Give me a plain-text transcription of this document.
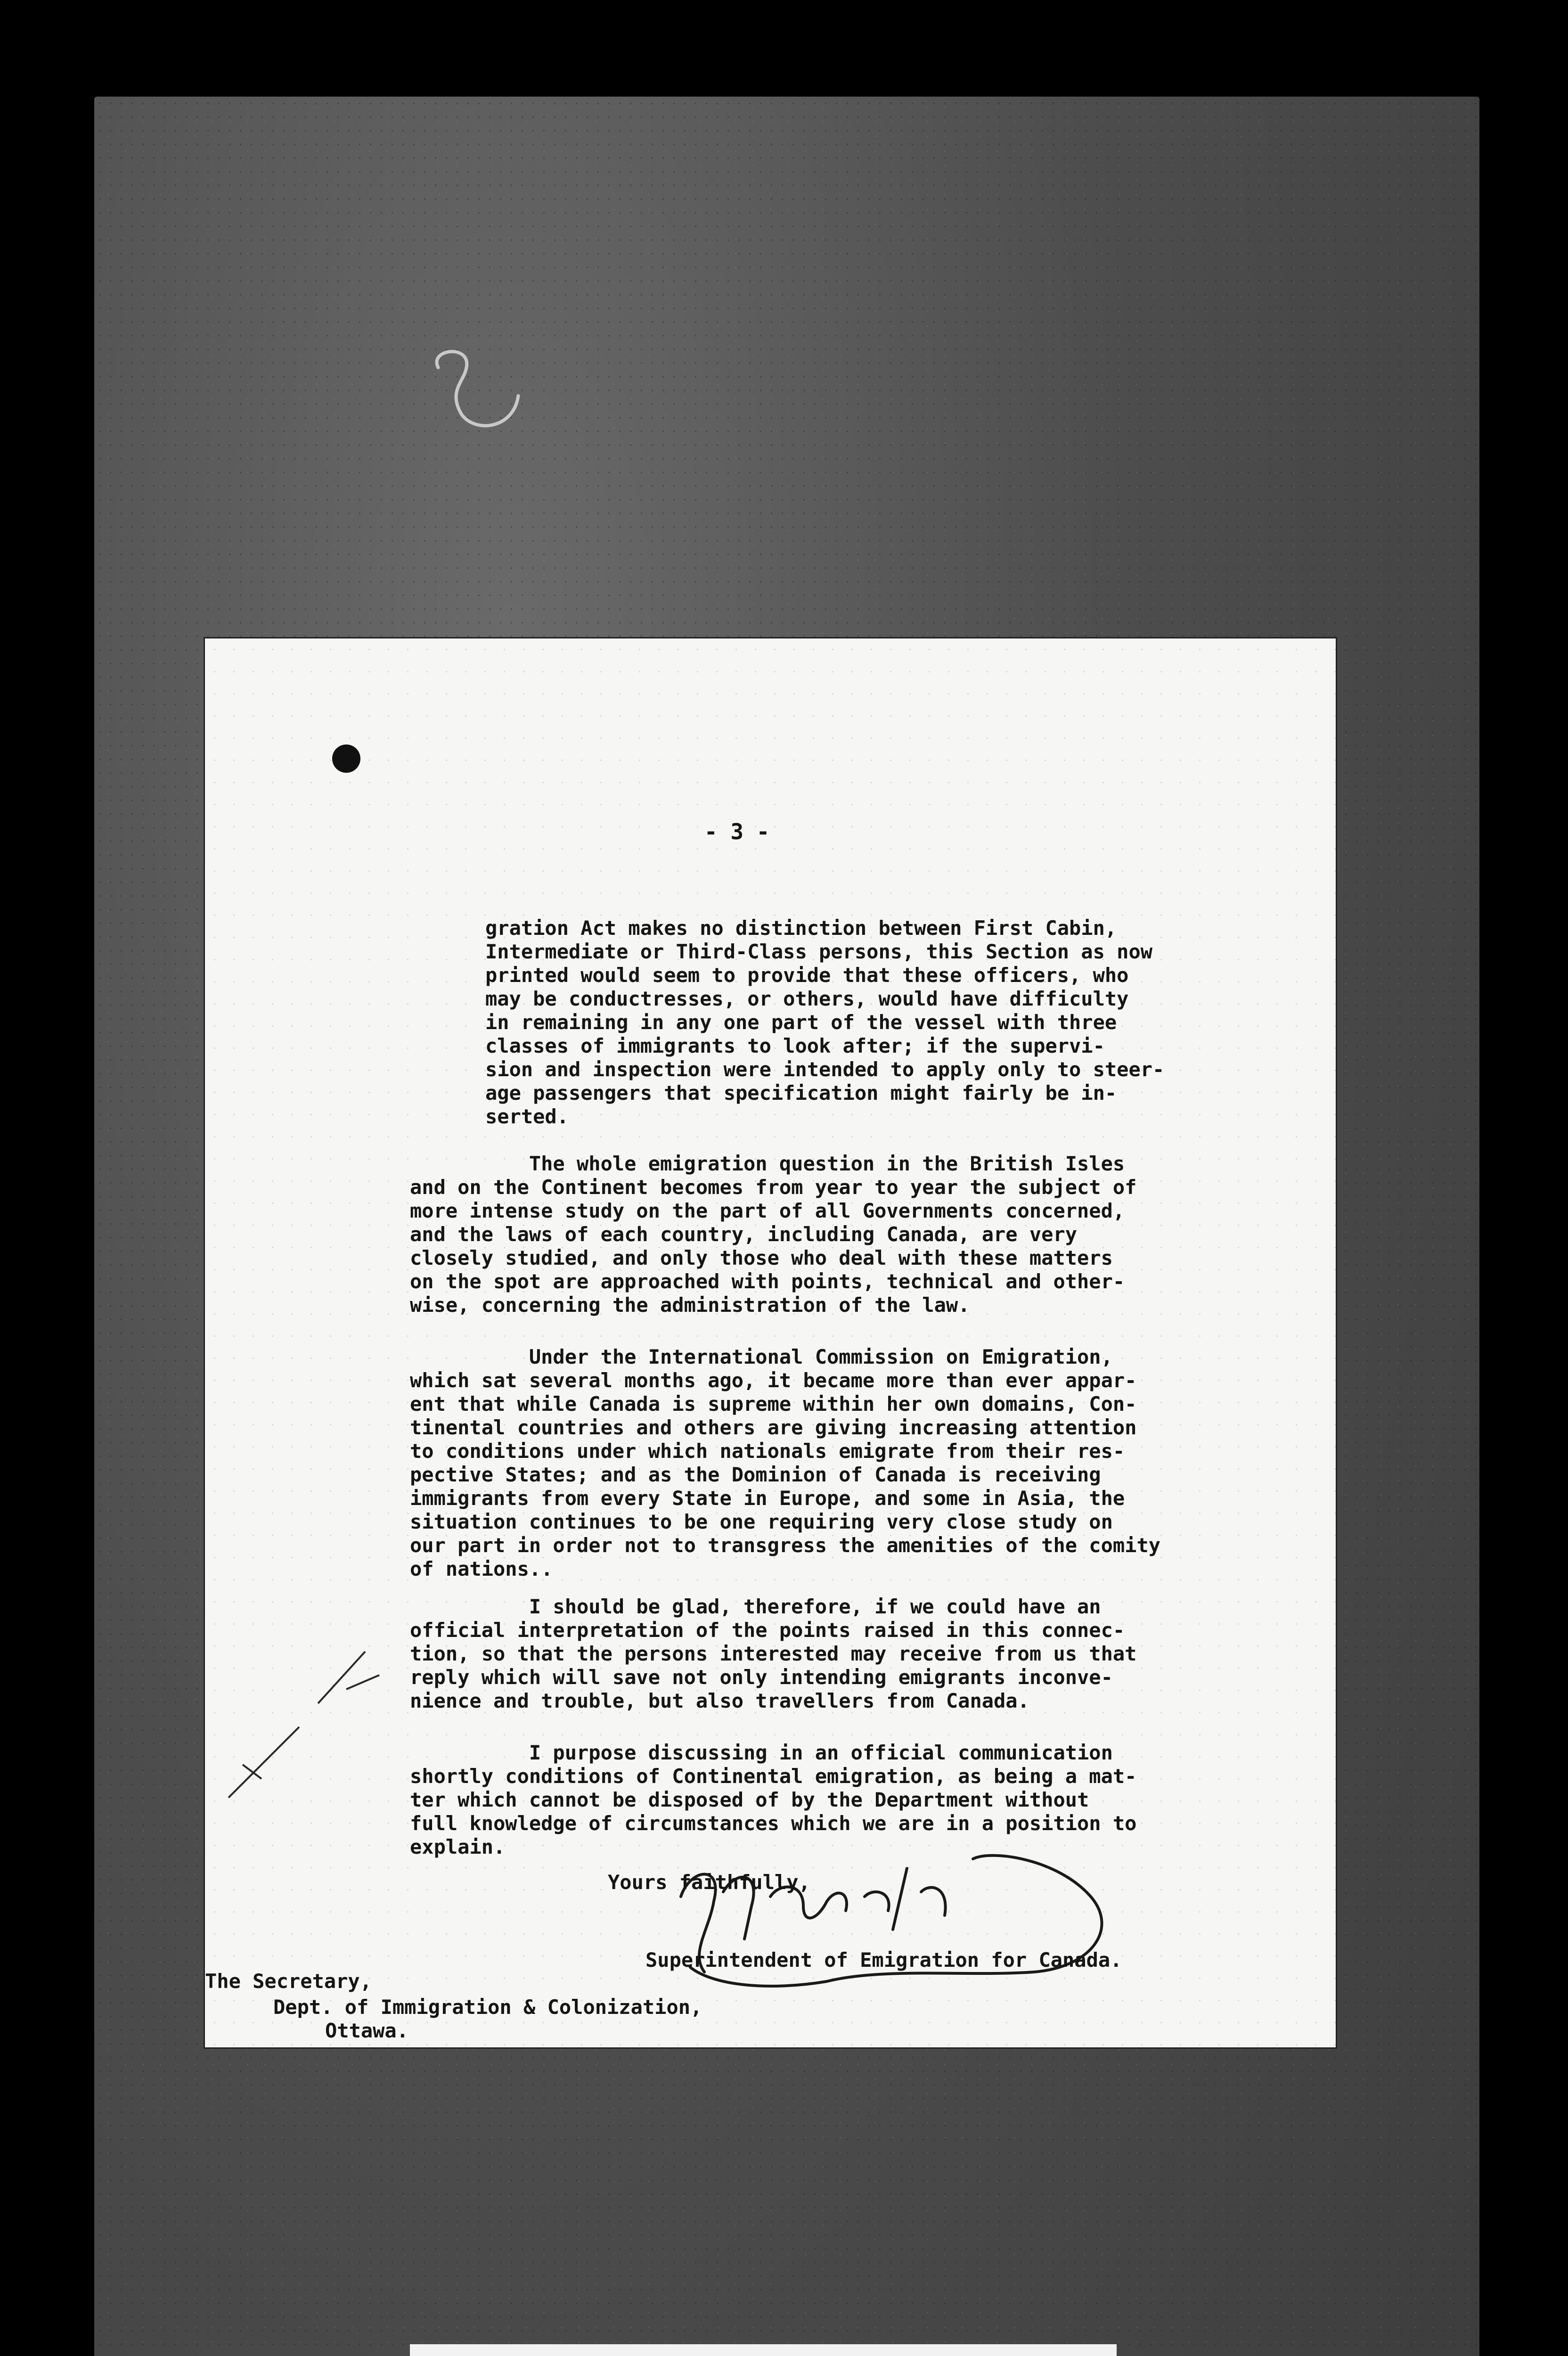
- 3 -
gration Act makes no distinction between First Cabin,
Intermediate or Third-Class persons, this Section as now
printed would seem to provide that these officers, who
may be conductresses, or others, would have difficulty
in remaining in any one part of the vessel with three
classes of immigrants to look after; if the supervi-
sion and inspection were intended to apply only to steer-
age passengers that specification might fairly be in-
serted.
The whole emigration question in the British Isles
and on the Continent becomes from year to year the subject of
more intense study on the part of all Governments concerned,
and the laws of each country, including Canada, are very
closely studied, and only those who deal with these matters
on the spot are approached with points, technical and other-
wise, concerning the administration of the law.
Under the International Commission on Emigration,
which sat several months ago, it became more than ever appar-
ent that while Canada is supreme within her own domains, Con-
tinental countries and others are giving increasing attention
to conditions under which nationals emigrate from their res-
pective States; and as the Dominion of Canada is receiving
immigrants from every State in Europe, and some in Asia, the
situation continues to be one requiring very close study on
our part in order not to transgress the amenities of the comity
of nations..
I should be glad, therefore, if we could have an
official interpretation of the points raised in this connec-
tion, so that the persons interested may receive from us that
reply which will save not only intending emigrants inconve-
nience and trouble, but also travellers from Canada.
I purpose discussing in an official communication
shortly conditions of Continental emigration, as being a mat-
ter which cannot be disposed of by the Department without
full knowledge of circumstances which we are in a position to
explain.
Yours faithfully,
Superintendent of Emigration for Canada.
The Secretary,
Dept. of Immigration & Colonization,
Ottawa.
